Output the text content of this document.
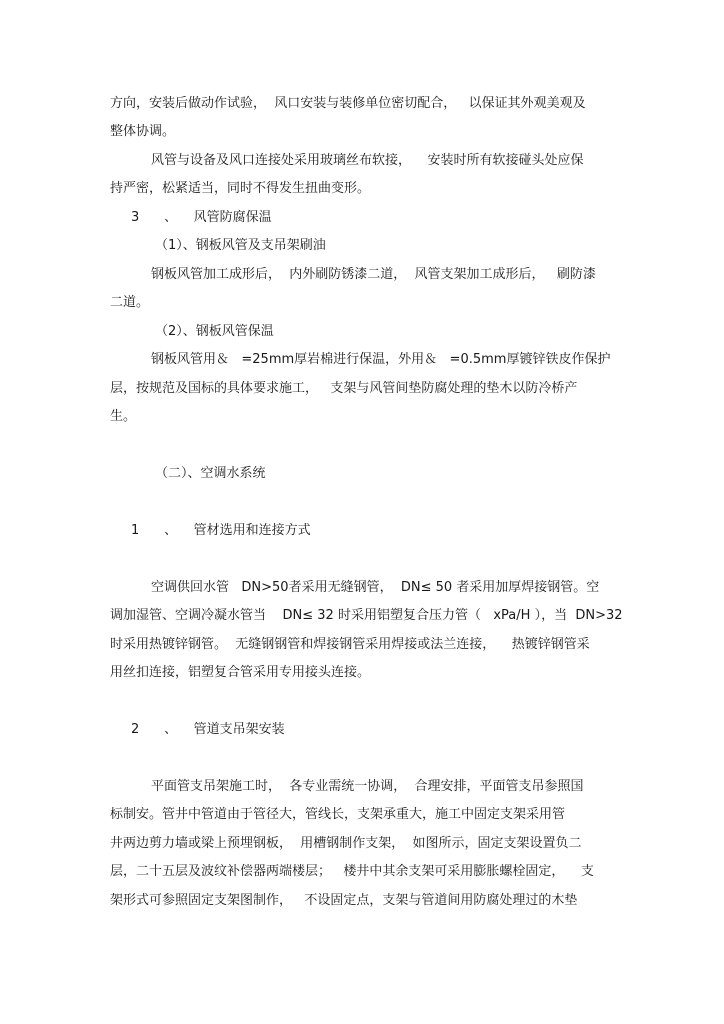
方向，安装后做动作试验，  风口安装与装修单位密切配合，   以保证其外观美观及
整体协调。
风管与设备及风口连接处采用玻璃丝布软接，    安装时所有软接碰头处应保
持严密，松紧适当，同时不得发生扭曲变形。
3      、    风管防腐保温
（1）、钢板风管及支吊架刷油
钢板风管加工成形后，  内外刷防锈漆二道，  风管支架加工成形后，   刷防漆
二道。
（2）、钢板风管保温
钢板风管用＆   =25mm厚岩棉进行保温，外用＆   =0.5mm厚镀锌铁皮作保护
层，按规范及国标的具体要求施工，   支架与风管间垫防腐处理的垫木以防冷桥产
生。
（二）、空调水系统
1      、    管材选用和连接方式
空调供回水管   DN>50者采用无缝钢管，  DN≤ 50 者采用加厚焊接钢管。空
调加湿管、空调冷凝水管当    DN≤ 32 时采用铝塑复合压力管（   xPa/H ），当  DN>32
时采用热镀锌钢管。  无缝钢钢管和焊接钢管采用焊接或法兰连接，    热镀锌钢管采
用丝扣连接，铝塑复合管采用专用接头连接。
2      、    管道支吊架安装
平面管支吊架施工时，  各专业需统一协调，  合理安排，平面管支吊参照国
标制安。管井中管道由于管径大，管线长，支架承重大，施工中固定支架采用管
井两边剪力墙或梁上预埋钢板，  用槽钢制作支架，  如图所示，固定支架设置负二
层，二十五层及波纹补偿器两端楼层；   楼井中其余支架可采用膨胀螺栓固定，    支
架形式可参照固定支架图制作，   不设固定点，支架与管道间用防腐处理过的木垫
